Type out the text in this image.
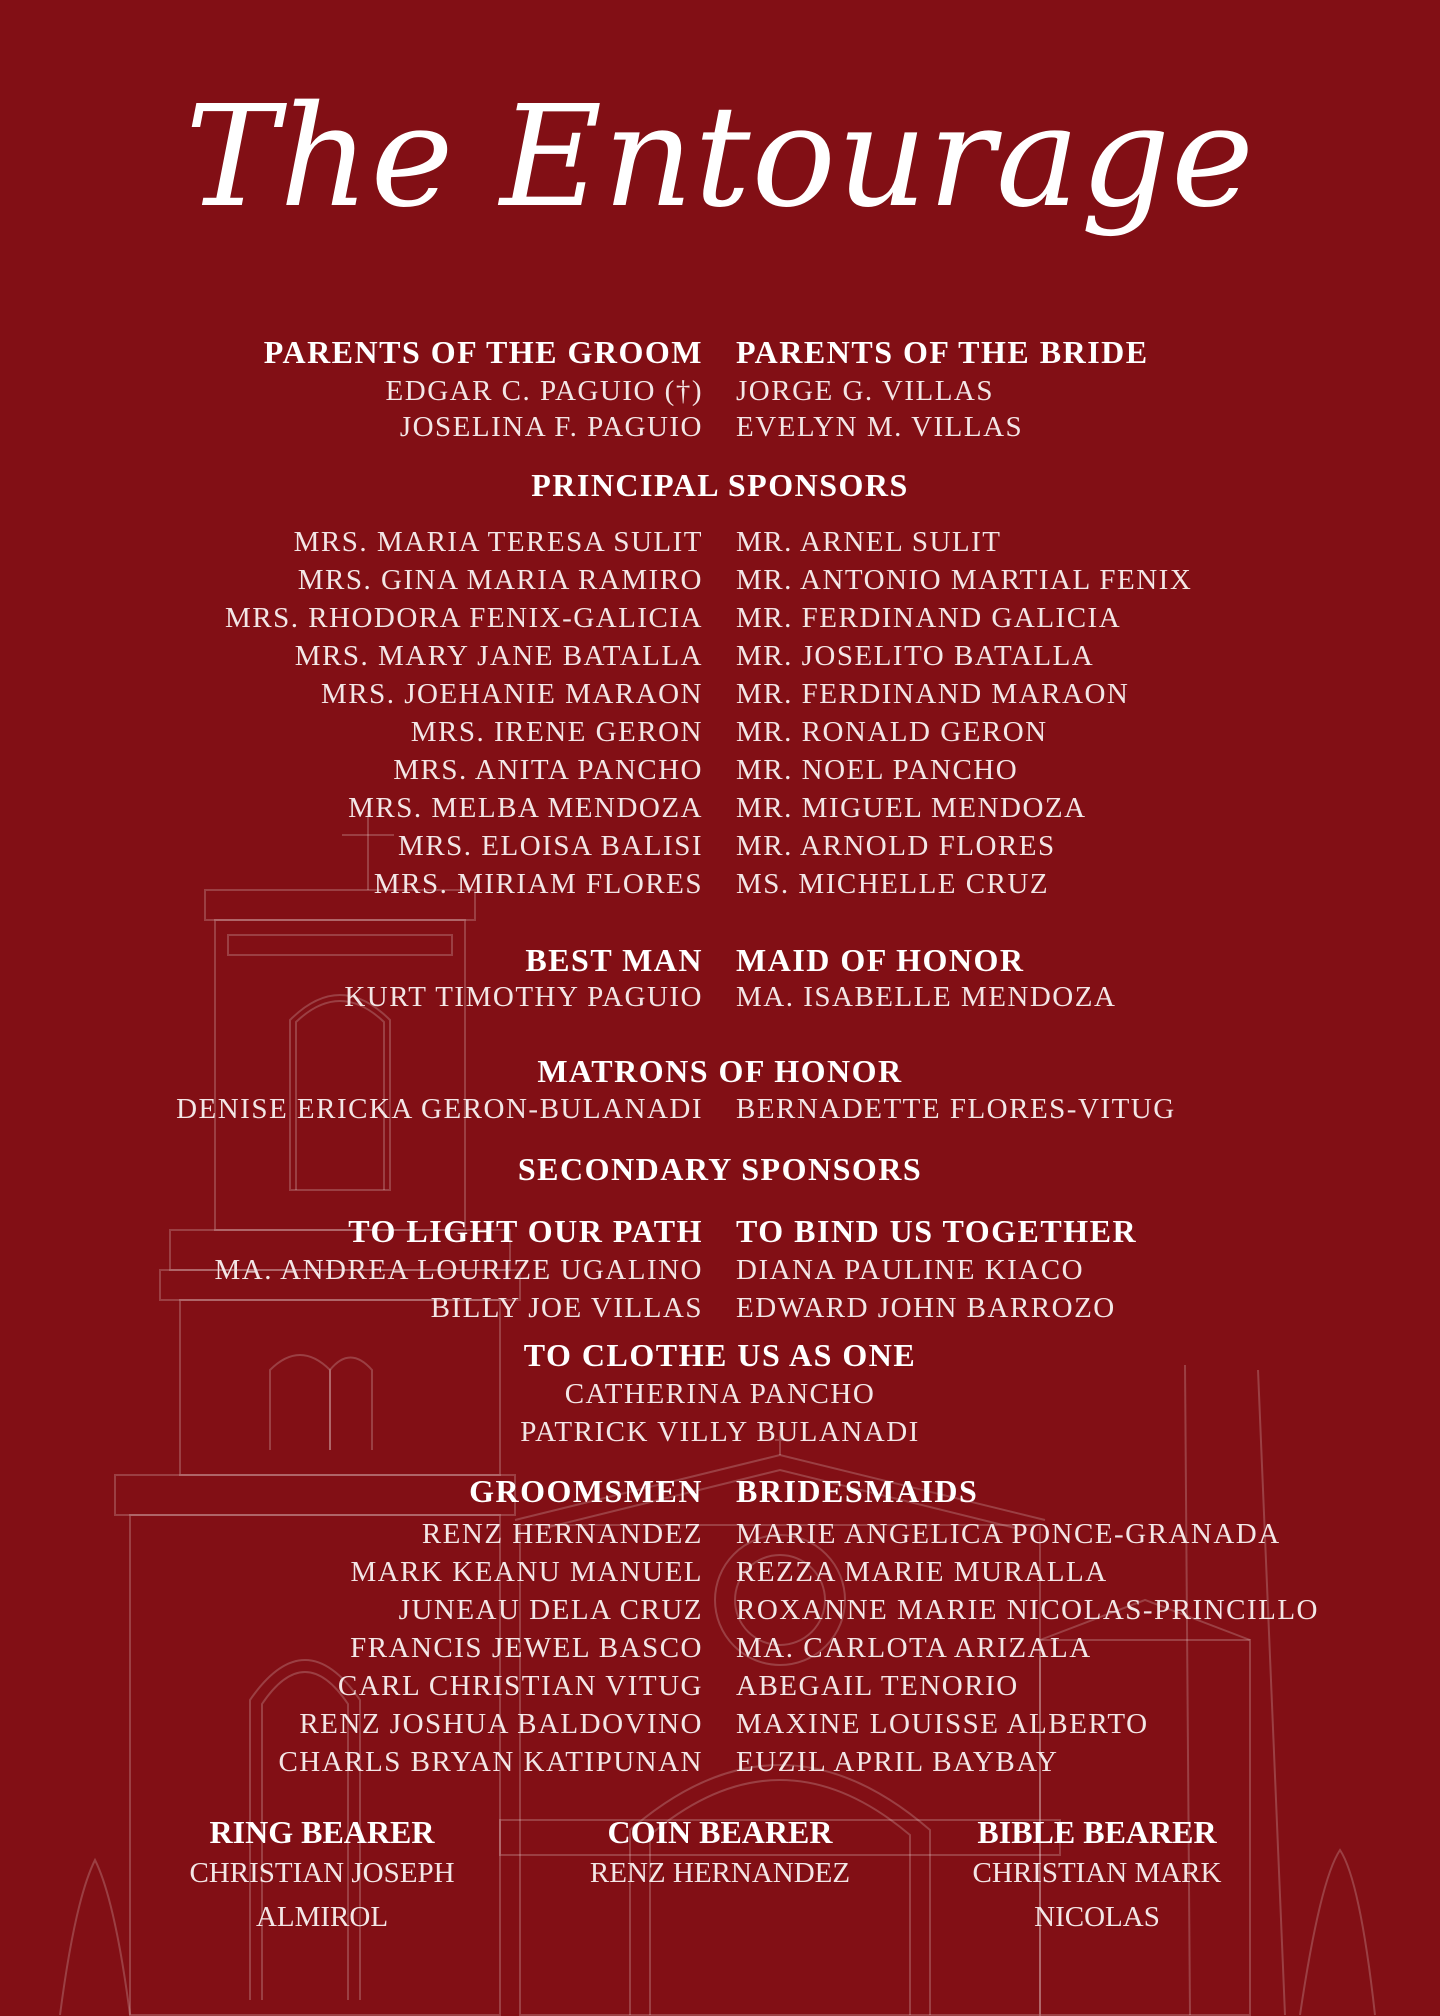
The Entourage
PARENTS OF THE GROOM PARENTS OF THE BRIDE
EDGAR C. PAGUIO (†) JORGE G. VILLAS
JOSELINA F. PAGUIO EVELYN M. VILLAS
PRINCIPAL SPONSORS
MRS. MARIA TERESA SULIT MR. ARNEL SULIT
MRS. GINA MARIA RAMIRO MR. ANTONIO MARTIAL FENIX
MRS. RHODORA FENIX-GALICIA MR. FERDINAND GALICIA
MRS. MARY JANE BATALLA MR. JOSELITO BATALLA
MRS. JOEHANIE MARAON MR. FERDINAND MARAON
MRS. IRENE GERON MR. RONALD GERON
MRS. ANITA PANCHO MR. NOEL PANCHO
MRS. MELBA MENDOZA MR. MIGUEL MENDOZA
MRS. ELOISA BALISI MR. ARNOLD FLORES
MRS. MIRIAM FLORES MS. MICHELLE CRUZ
BEST MAN MAID OF HONOR
KURT TIMOTHY PAGUIO MA. ISABELLE MENDOZA
MATRONS OF HONOR
DENISE ERICKA GERON-BULANADI BERNADETTE FLORES-VITUG
SECONDARY SPONSORS
TO LIGHT OUR PATH TO BIND US TOGETHER
MA. ANDREA LOURIZE UGALINO DIANA PAULINE KIACO
BILLY JOE VILLAS EDWARD JOHN BARROZO
TO CLOTHE US AS ONE
CATHERINA PANCHO
PATRICK VILLY BULANADI
GROOMSMEN BRIDESMAIDS
RENZ HERNANDEZ MARIE ANGELICA PONCE-GRANADA
MARK KEANU MANUEL REZZA MARIE MURALLA
JUNEAU DELA CRUZ ROXANNE MARIE NICOLAS-PRINCILLO
FRANCIS JEWEL BASCO MA. CARLOTA ARIZALA
CARL CHRISTIAN VITUG ABEGAIL TENORIO
RENZ JOSHUA BALDOVINO MAXINE LOUISSE ALBERTO
CHARLS BRYAN KATIPUNAN EUZIL APRIL BAYBAY
RING BEARER
CHRISTIAN JOSEPH
ALMIROL
COIN BEARER
RENZ HERNANDEZ
BIBLE BEARER
CHRISTIAN MARK
NICOLAS
